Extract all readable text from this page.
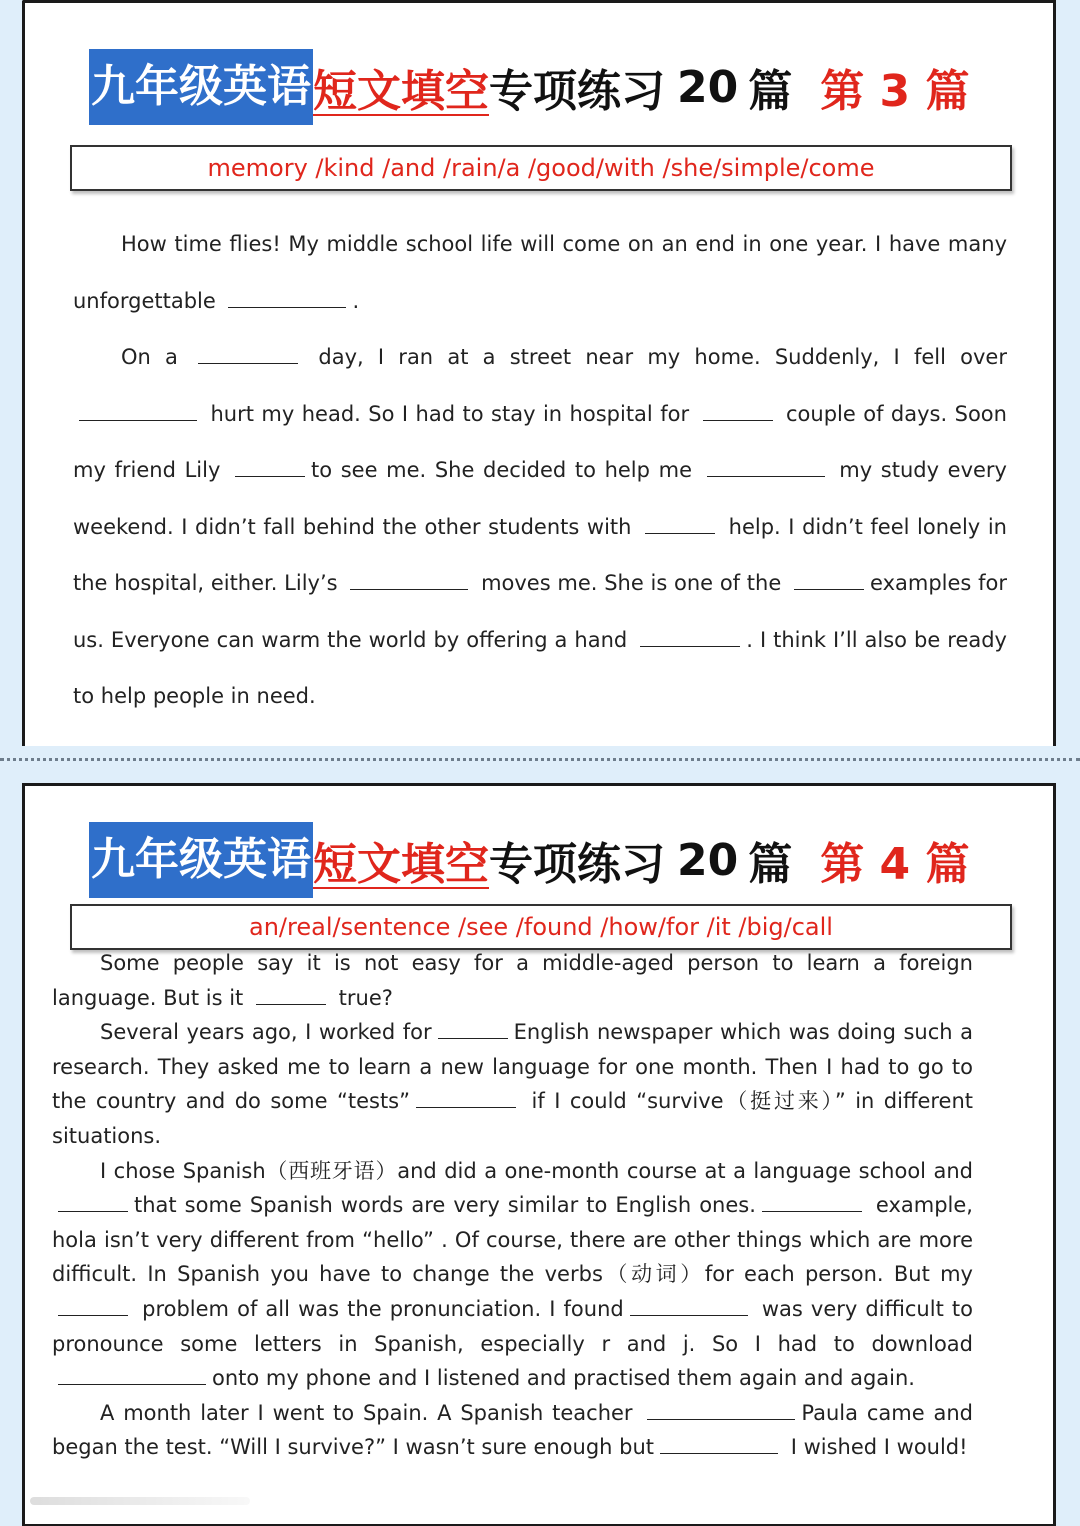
九年级英语 短文填空 专项练习 20 篇 第 3 篇
memory /kind /and /rain/a /good/with /she/simple/come

How time flies! My middle school life will come on an end in one year. I have many unforgettable	.

On a	day, I ran at a street near my home. Suddenly, I fell over hurt my head. So I had to stay in hospital for	couple of days. Soon my friend Lily	to see me. She decided to help me	my study every weekend. I didn’t fall behind the other students with	help. I didn’t feel lonely in the hospital, either. Lily’s	moves me. She is one of the	examples for us. Everyone can warm the world by offering a hand	. I think I’ll also be ready to help people in need.

九年级英语 短文填空 专项练习 20 篇 第 4 篇
an/real/sentence /see /found /how/for /it /big/call

Some people say it is not easy for a middle-aged person to learn a foreign language. But is it	true?

Several years ago, I worked for	English newspaper which was doing such a research. They asked me to learn a new language for one month. Then I had to go to the country and do some “tests”	if I could “survive（挺过来）” in different situations.

I chose Spanish（西班牙语）and did a one-month course at a language school and that some Spanish words are very similar to English ones.	example, hola isn’t very different from “hello” . Of course, there are other things which are more difficult. In Spanish you have to change the verbs（动词）for each person. But my problem of all was the pronunciation. I found	was very difficult to pronounce some letters in Spanish, especially r and j. So I had to download onto my phone and I listened and practised them again and again.

A month later I went to Spain. A Spanish teacher	Paula came and began the test. “Will I survive?” I wasn’t sure enough but	I wished I would!
